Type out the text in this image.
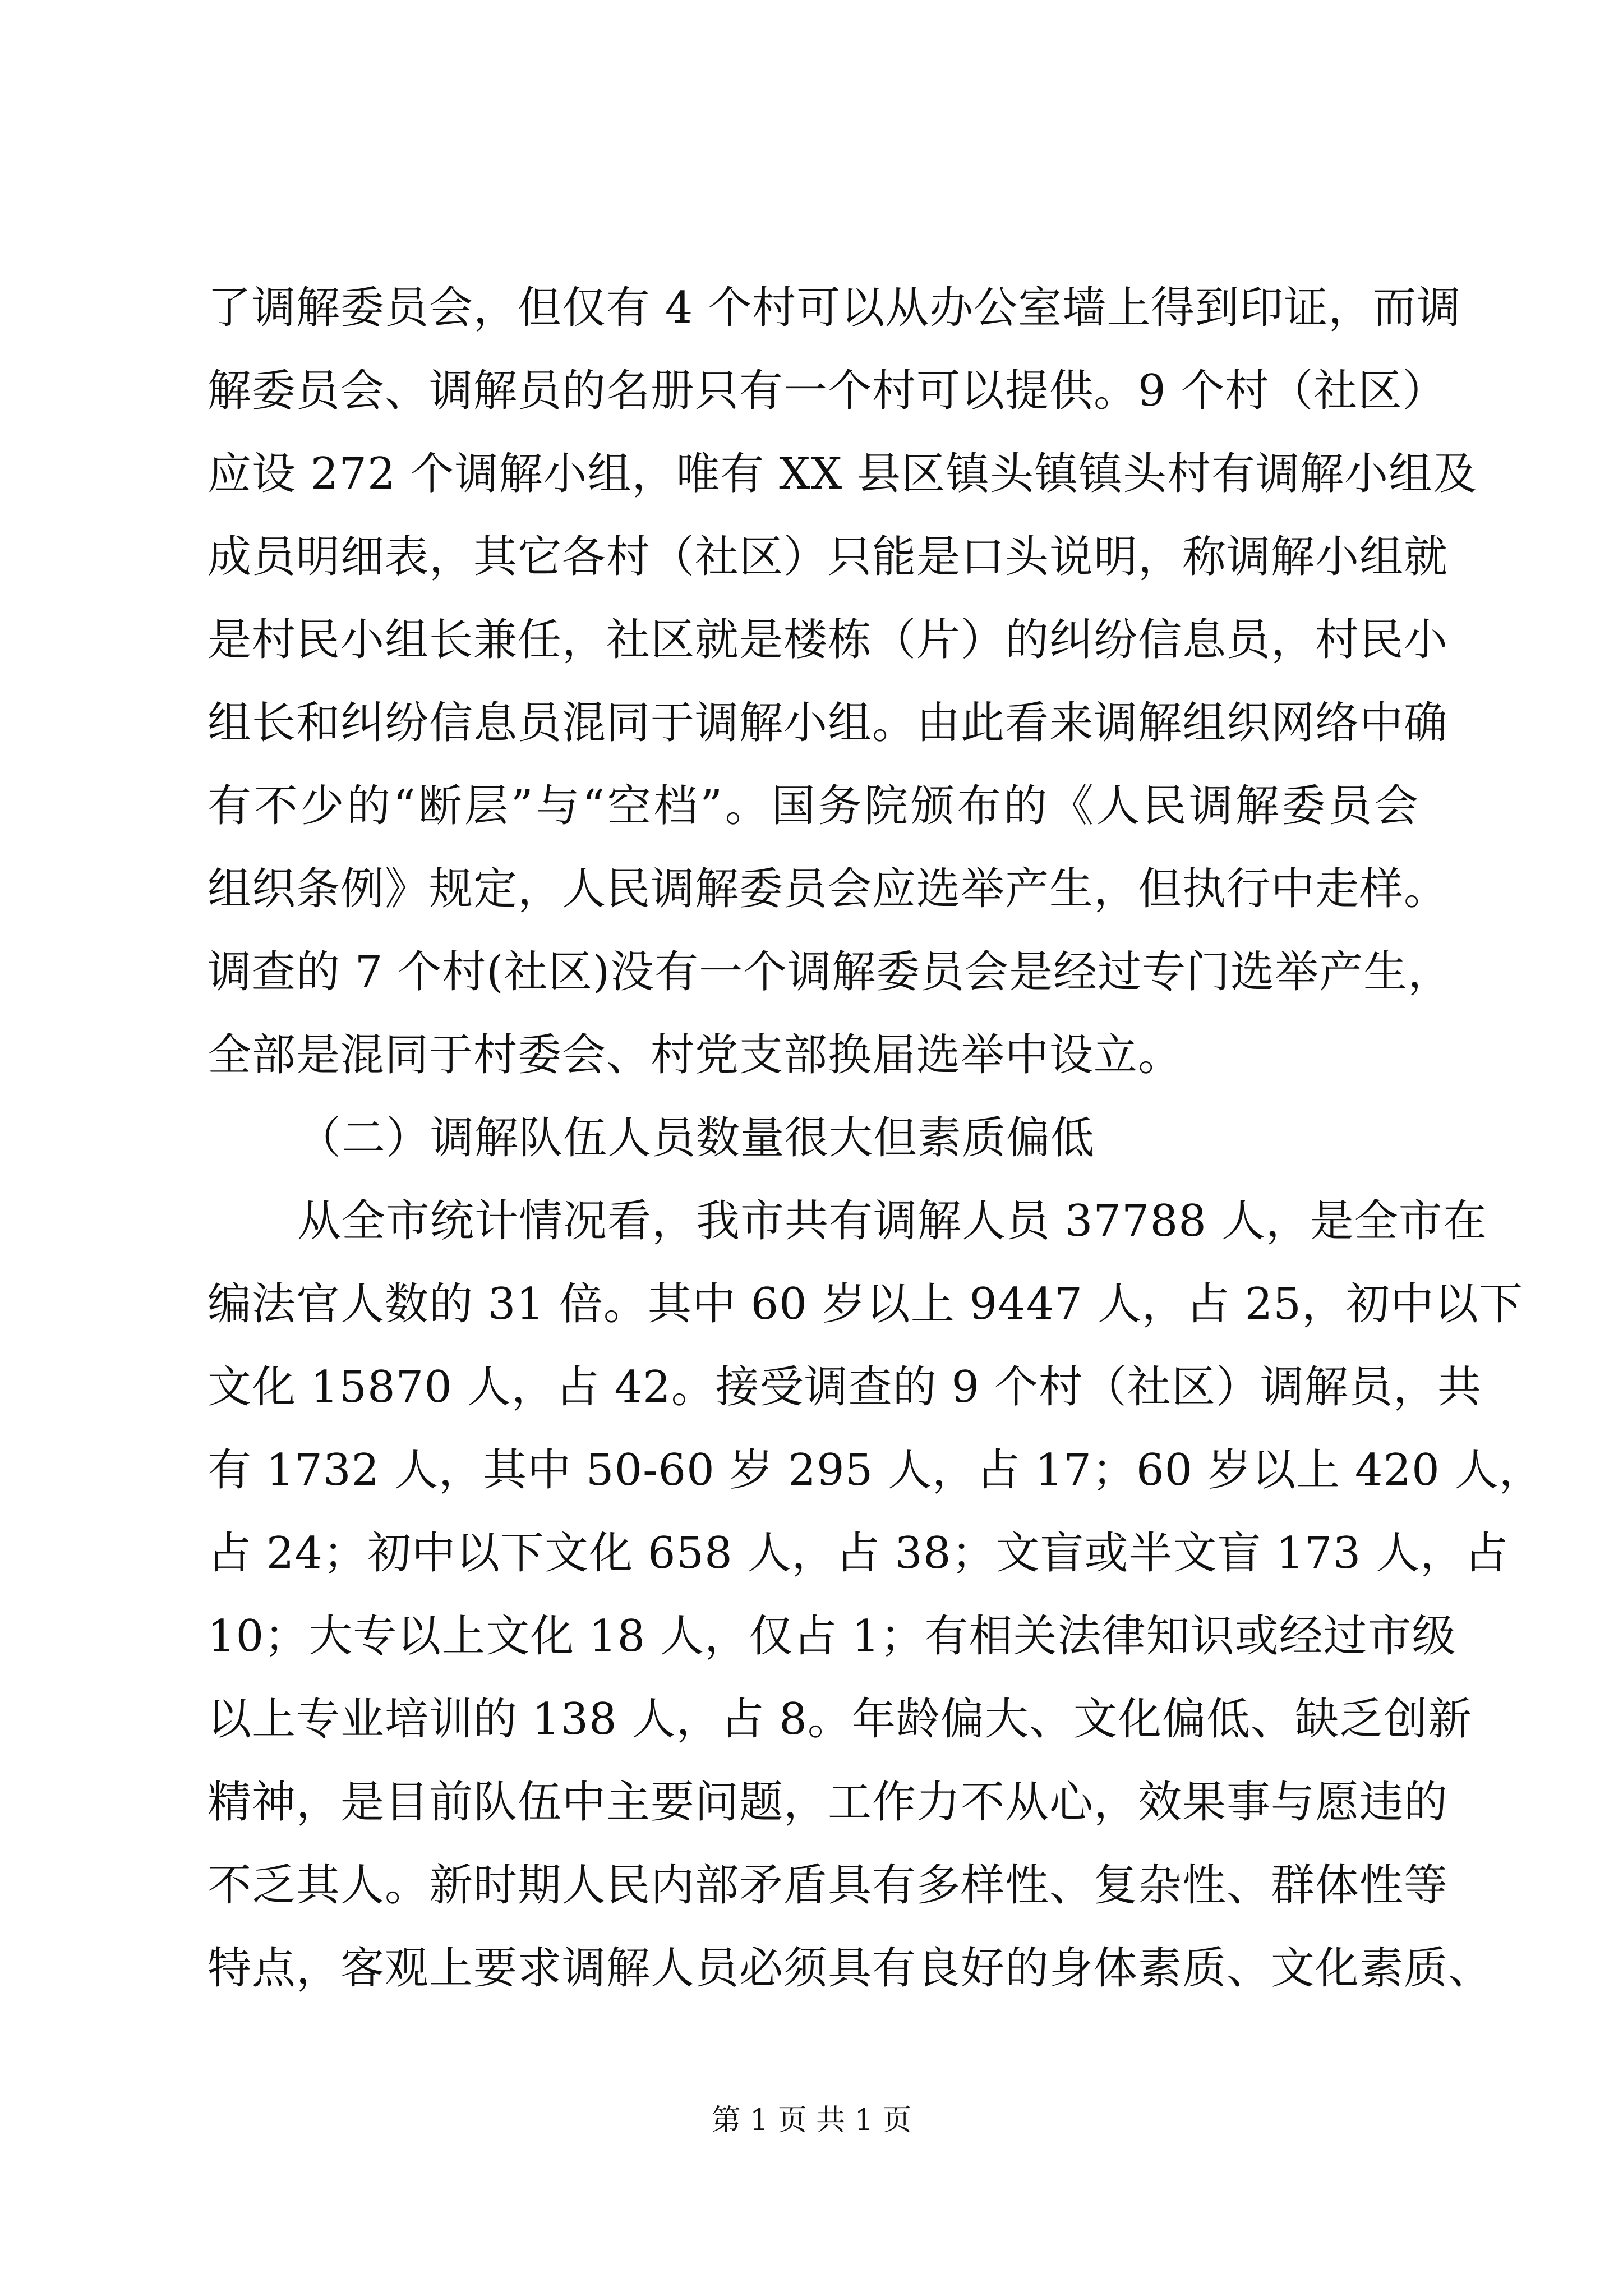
了调解委员会，但仅有 4 个村可以从办公室墙上得到印证，而调
解委员会、调解员的名册只有一个村可以提供。9 个村（社区）
应设 272 个调解小组，唯有 XX 县区镇头镇镇头村有调解小组及
成员明细表，其它各村（社区）只能是口头说明，称调解小组就
是村民小组长兼任，社区就是楼栋（片）的纠纷信息员，村民小
组长和纠纷信息员混同于调解小组。由此看来调解组织网络中确
有不少的“断层”与“空档”。国务院颁布的《人民调解委员会
组织条例》规定，人民调解委员会应选举产生，但执行中走样。
调查的 7 个村(社区)没有一个调解委员会是经过专门选举产生，
全部是混同于村委会、村党支部换届选举中设立。
（二）调解队伍人员数量很大但素质偏低
从全市统计情况看，我市共有调解人员 37788 人，是全市在
编法官人数的 31 倍。其中 60 岁以上 9447 人，占 25，初中以下
文化 15870 人，占 42。接受调查的 9 个村（社区）调解员，共
有 1732 人，其中 50-60 岁 295 人，占 17；60 岁以上 420 人，
占 24；初中以下文化 658 人，占 38；文盲或半文盲 173 人，占
10；大专以上文化 18 人，仅占 1；有相关法律知识或经过市级
以上专业培训的 138 人，占 8。年龄偏大、文化偏低、缺乏创新
精神，是目前队伍中主要问题，工作力不从心，效果事与愿违的
不乏其人。新时期人民内部矛盾具有多样性、复杂性、群体性等
特点，客观上要求调解人员必须具有良好的身体素质、文化素质、
第 1 页 共 1 页
